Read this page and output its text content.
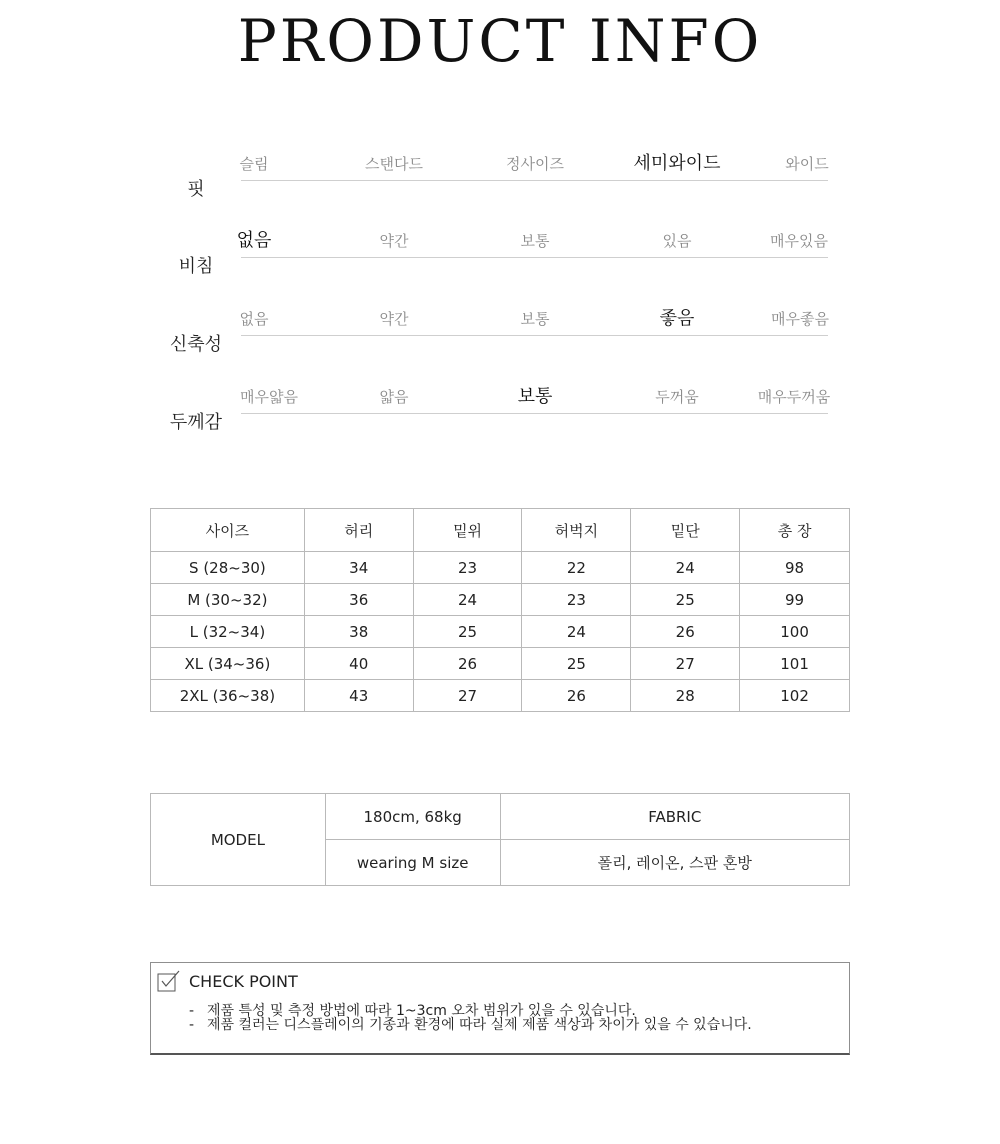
PRODUCT INFO
핏
슬림	스탠다드	정사이즈	세미와이드	와이드
비침
없음	약간	보통	있음	매우있음
신축성
없음	약간	보통	좋음	매우좋음
두께감
매우얇음	얇음	보통	두꺼움	매우두꺼움
사이즈	허리	밑위	허벅지	밑단	총 장
S (28~30)	34	23	22	24	98
M (30~32)	36	24	23	25	99
L (32~34)	38	25	24	26	100
XL (34~36)	40	26	25	27	101
2XL (36~38)	43	27	26	28	102
MODEL	180cm, 68kg	FABRIC
	wearing M size	폴리, 레이온, 스판 혼방
CHECK POINT
- 제품 특성 및 측정 방법에 따라 1~3cm 오차 범위가 있을 수 있습니다.
- 제품 컬러는 디스플레이의 기종과 환경에 따라 실제 제품 색상과 차이가 있을 수 있습니다.
